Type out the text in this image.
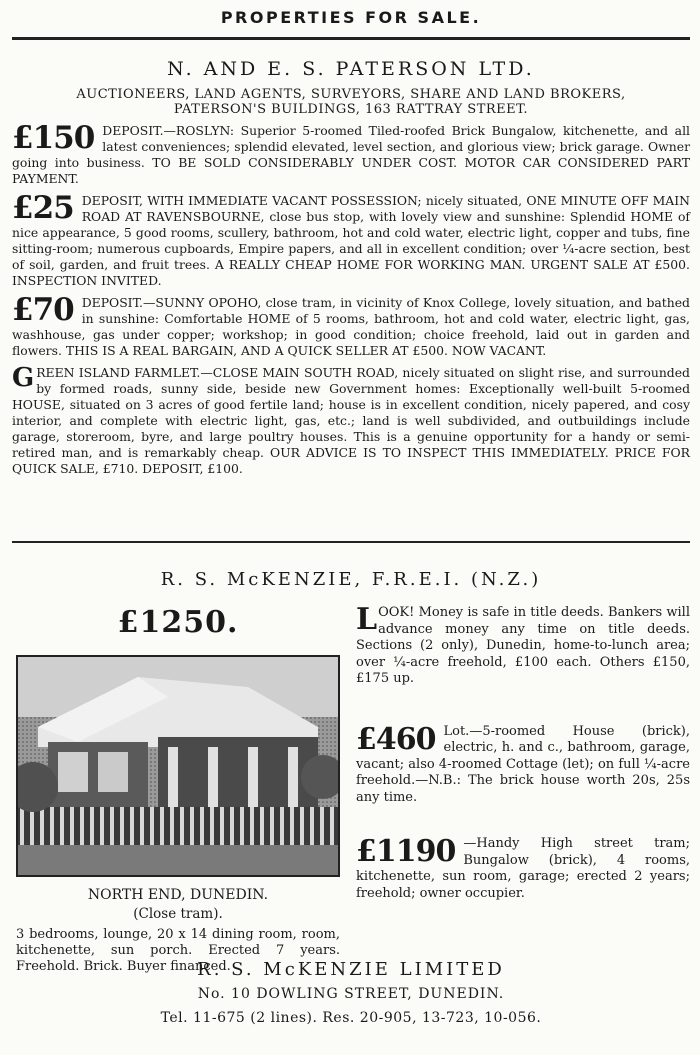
PROPERTIES FOR SALE.
N. AND E. S. PATERSON LTD.
AUCTIONEERS, LAND AGENTS, SURVEYORS, SHARE AND LAND BROKERS,
PATERSON'S BUILDINGS, 163 RATTRAY STREET.
£150 DEPOSIT.—ROSLYN: Superior 5-roomed Tiled-roofed Brick Bungalow, kitchenette, and all latest conveniences; splendid elevated, level section, and glorious view; brick garage. Owner going into business. TO BE SOLD CONSIDERABLY UNDER COST. MOTOR CAR CONSIDERED PART PAYMENT.
£25 DEPOSIT, WITH IMMEDIATE VACANT POSSESSION; nicely situated, ONE MINUTE OFF MAIN ROAD AT RAVENSBOURNE, close bus stop, with lovely view and sunshine: Splendid HOME of nice appearance, 5 good rooms, scullery, bathroom, hot and cold water, electric light, copper and tubs, fine sitting-room; numerous cupboards, Empire papers, and all in excellent condition; over ¼-acre section, best of soil, garden, and fruit trees. A REALLY CHEAP HOME FOR WORKING MAN. URGENT SALE AT £500. INSPECTION INVITED.
£70 DEPOSIT.—SUNNY OPOHO, close tram, in vicinity of Knox College, lovely situation, and bathed in sunshine: Comfortable HOME of 5 rooms, bathroom, hot and cold water, electric light, gas, washhouse, gas under copper; workshop; in good condition; choice freehold, laid out in garden and flowers. THIS IS A REAL BARGAIN, AND A QUICK SELLER AT £500. NOW VACANT.
G REEN ISLAND FARMLET.—CLOSE MAIN SOUTH ROAD, nicely situated on slight rise, and surrounded by formed roads, sunny side, beside new Government homes: Exceptionally well-built 5-roomed HOUSE, situated on 3 acres of good fertile land; house is in excellent condition, nicely papered, and cosy interior, and complete with electric light, gas, etc.; land is well subdivided, and outbuildings include garage, storeroom, byre, and large poultry houses. This is a genuine opportunity for a handy or semi-retired man, and is remarkably cheap. OUR ADVICE IS TO INSPECT THIS IMMEDIATELY. PRICE FOR QUICK SALE, £710. DEPOSIT, £100.
R. S. McKENZIE, F.R.E.I. (N.Z.)
£1250.
NORTH END, DUNEDIN.
(Close tram).
3 bedrooms, lounge, 20 x 14 dining room, room, kitchenette, sun porch. Erected 7 years. Freehold. Brick. Buyer financed.
L OOK! Money is safe in title deeds. Bankers will advance money any time on title deeds. Sections (2 only), Dunedin, home-to-lunch area; over ¼-acre freehold, £100 each. Others £150, £175 up.
£460 Lot.—5-roomed House (brick), electric, h. and c., bathroom, garage, vacant; also 4-roomed Cottage (let); on full ¼-acre freehold.—N.B.: The brick house worth 20s, 25s any time.
£1190 —Handy High street tram; Bungalow (brick), 4 rooms, kitchenette, sun room, garage; erected 2 years; freehold; owner occupier.
R. S. McKENZIE LIMITED
No. 10 DOWLING STREET, DUNEDIN.
Tel. 11-675 (2 lines). Res. 20-905, 13-723, 10-056.
